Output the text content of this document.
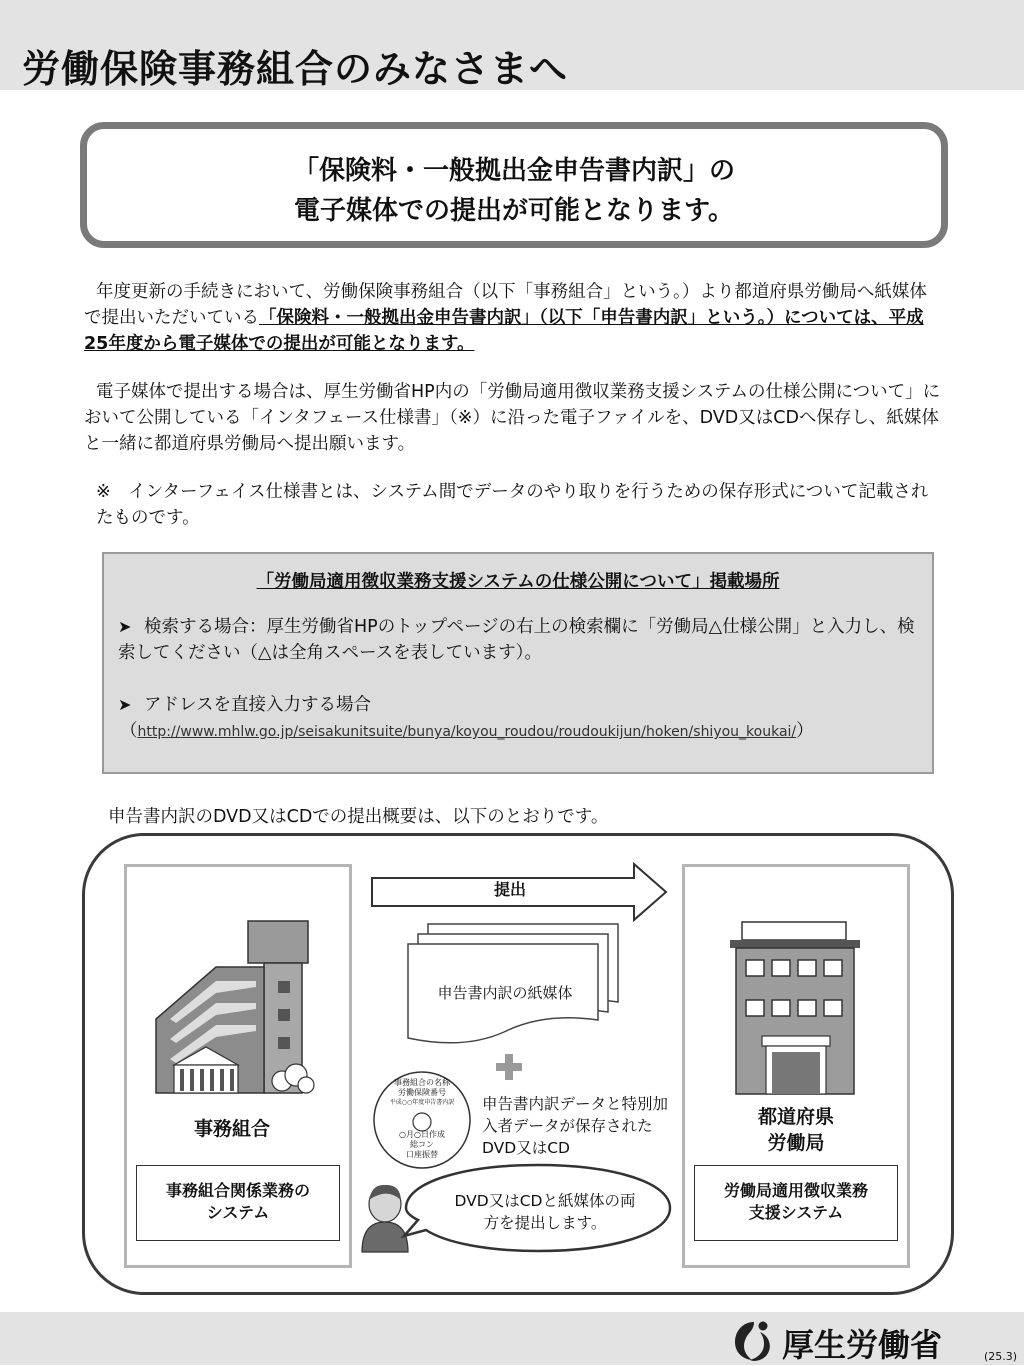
労働保険事務組合のみなさまへ
「保険料・一般拠出金申告書内訳」の
電子媒体での提出が可能となります。
年度更新の手続きにおいて、労働保険事務組合（以下「事務組合」という。）より都道府県労働局へ紙媒体で提出いただいている「保険料・一般拠出金申告書内訳」（以下「申告書内訳」という。）については、平成25年度から電子媒体での提出が可能となります。
電子媒体で提出する場合は、厚生労働省HP内の「労働局適用徴収業務支援システムの仕様公開について」において公開している「インタフェース仕様書」（※）に沿った電子ファイルを、DVD又はCDへ保存し、紙媒体と一緒に都道府県労働局へ提出願います。
※　インターフェイス仕様書とは、システム間でデータのやり取りを行うための保存形式について記載されたものです。
「労働局適用徴収業務支援システムの仕様公開について」掲載場所
➤ 検索する場合：厚生労働省HPのトップページの右上の検索欄に「労働局△仕様公開」と入力し、検索してください（△は全角スペースを表しています）。
➤ アドレスを直接入力する場合
（http://www.mhlw.go.jp/seisakunitsuite/bunya/koyou_roudou/roudoukijun/hoken/shiyou_koukai/）
申告書内訳のDVD又はCDでの提出概要は、以下のとおりです。
提出
申告書内訳の紙媒体
事務組合の名称
労働保険番号
平成○○年度申告書内訳
○月○日作成
総コン
口座振替
申告書内訳データと特別加入者データが保存されたDVD又はCD
事務組合
事務組合関係業務のシステム
都道府県
労働局
労働局適用徴収業務支援システム
DVD又はCDと紙媒体の両方を提出します。
厚生労働省	(25.3)
